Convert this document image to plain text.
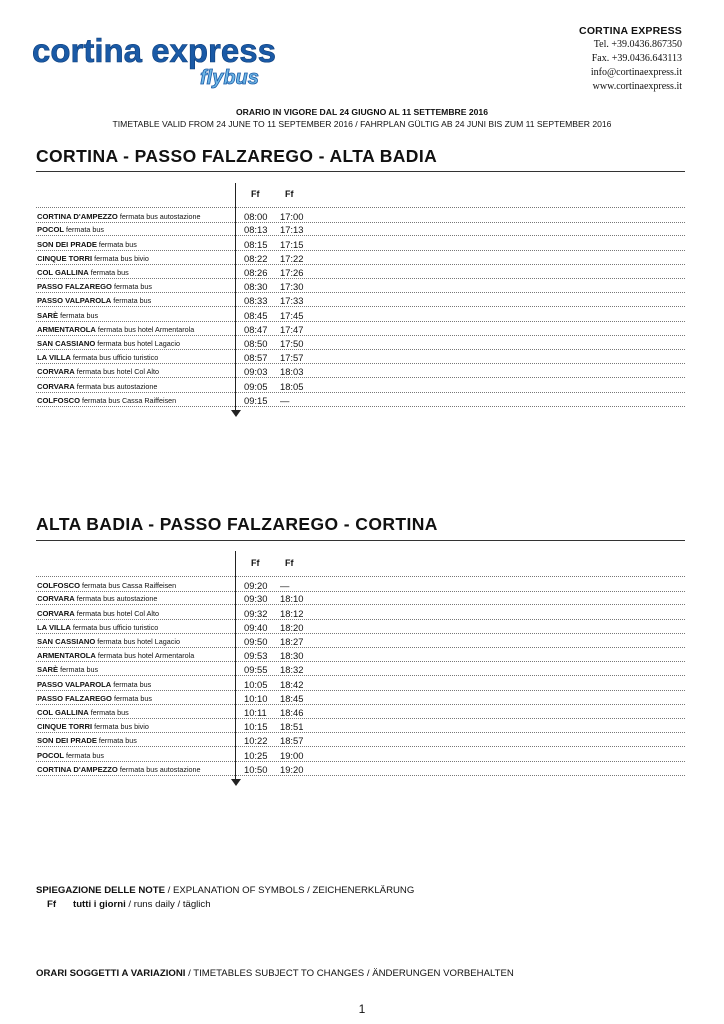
cortina express
flybus
CORTINA EXPRESS
Tel. +39.0436.867350
Fax. +39.0436.643113
info@cortinaexpress.it
www.cortinaexpress.it
ORARIO IN VIGORE DAL 24 GIUGNO AL 11 SETTEMBRE 2016
TIMETABLE VALID FROM 24 JUNE TO 11 SEPTEMBER 2016 / FAHRPLAN GÜLTIG AB 24 JUNI BIS ZUM 11 SEPTEMBER 2016
CORTINA - PASSO FALZAREGO - ALTA BADIA
Ff	Ff
CORTINA D'AMPEZZO fermata bus autostazione	08:00 17:00
POCOL fermata bus	08:13 17:13
SON DEI PRADE fermata bus	08:15 17:15
CINQUE TORRI fermata bus bivio	08:22 17:22
COL GALLINA fermata bus	08:26 17:26
PASSO FALZAREGO fermata bus	08:30 17:30
PASSO VALPAROLA fermata bus	08:33 17:33
SARÈ fermata bus	08:45 17:45
ARMENTAROLA fermata bus hotel Armentarola	08:47 17:47
SAN CASSIANO fermata bus hotel Lagacio	08:50 17:50
LA VILLA fermata bus ufficio turistico	08:57 17:57
CORVARA fermata bus hotel Col Alto	09:03 18:03
CORVARA fermata bus autostazione	09:05 18:05
COLFOSCO fermata bus Cassa Raiffeisen	09:15 —
ALTA BADIA - PASSO FALZAREGO - CORTINA
Ff	Ff
COLFOSCO fermata bus Cassa Raiffeisen	09:20 —
CORVARA fermata bus autostazione	09:30 18:10
CORVARA fermata bus hotel Col Alto	09:32 18:12
LA VILLA fermata bus ufficio turistico	09:40 18:20
SAN CASSIANO fermata bus hotel Lagacio	09:50 18:27
ARMENTAROLA fermata bus hotel Armentarola	09:53 18:30
SARÈ fermata bus	09:55 18:32
PASSO VALPAROLA fermata bus	10:05 18:42
PASSO FALZAREGO fermata bus	10:10 18:45
COL GALLINA fermata bus	10:11 18:46
CINQUE TORRI fermata bus bivio	10:15 18:51
SON DEI PRADE fermata bus	10:22 18:57
POCOL fermata bus	10:25 19:00
CORTINA D'AMPEZZO fermata bus autostazione	10:50 19:20
SPIEGAZIONE DELLE NOTE / EXPLANATION OF SYMBOLS / ZEICHENERKLÄRUNG
Ff tutti i giorni / runs daily / täglich
ORARI SOGGETTI A VARIAZIONI / TIMETABLES SUBJECT TO CHANGES / ÄNDERUNGEN VORBEHALTEN
1
